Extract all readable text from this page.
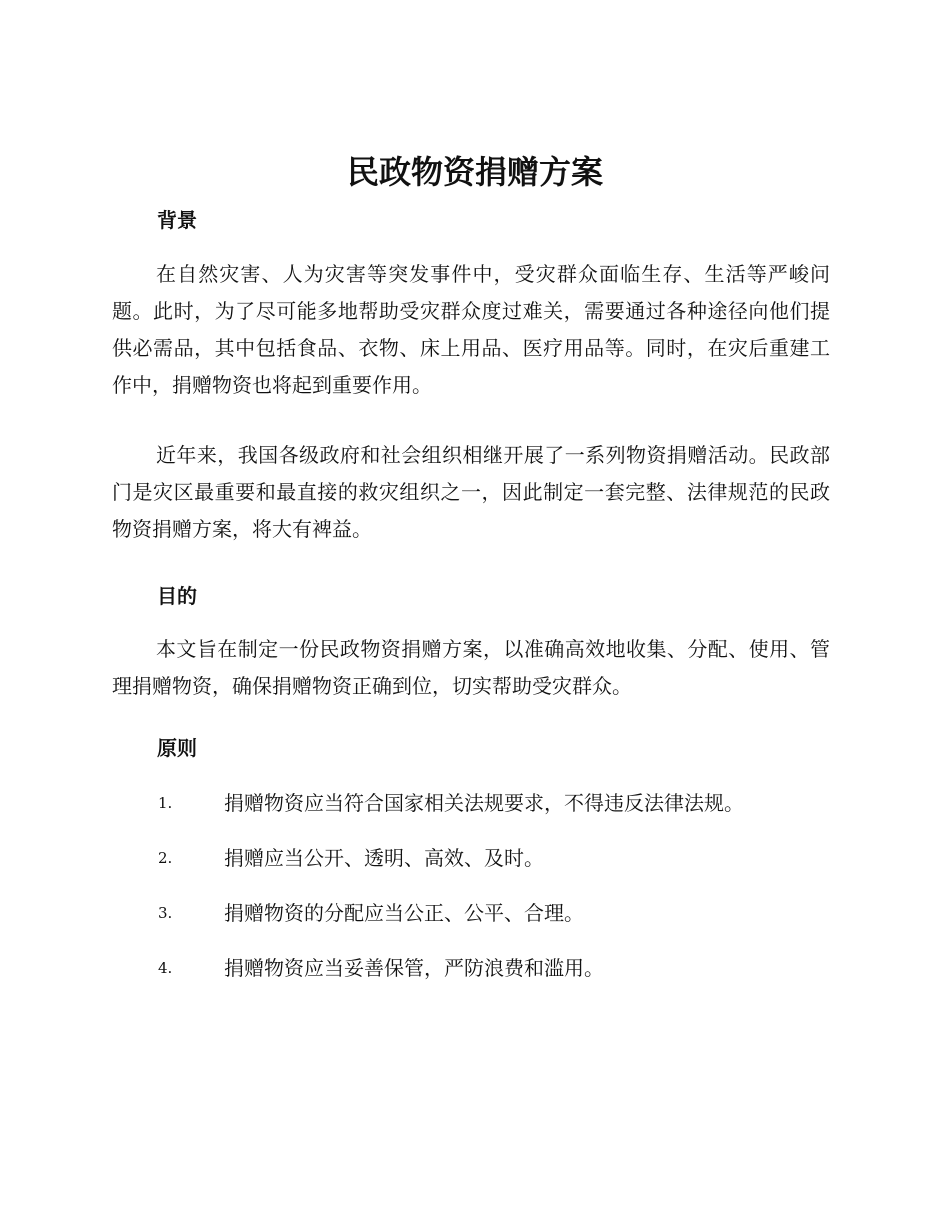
民政物资捐赠方案
背景

在自然灾害、人为灾害等突发事件中，受灾群众面临生存、生活等严峻问题。此时，为了尽可能多地帮助受灾群众度过难关，需要通过各种途径向他们提供必需品，其中包括食品、衣物、床上用品、医疗用品等。同时，在灾后重建工作中，捐赠物资也将起到重要作用。

近年来，我国各级政府和社会组织相继开展了一系列物资捐赠活动。民政部门是灾区最重要和最直接的救灾组织之一，因此制定一套完整、法律规范的民政物资捐赠方案，将大有裨益。

目的

本文旨在制定一份民政物资捐赠方案，以准确高效地收集、分配、使用、管理捐赠物资，确保捐赠物资正确到位，切实帮助受灾群众。

原则
1.	捐赠物资应当符合国家相关法规要求，不得违反法律法规。
2.	捐赠应当公开、透明、高效、及时。
3.	捐赠物资的分配应当公正、公平、合理。
4.	捐赠物资应当妥善保管，严防浪费和滥用。
